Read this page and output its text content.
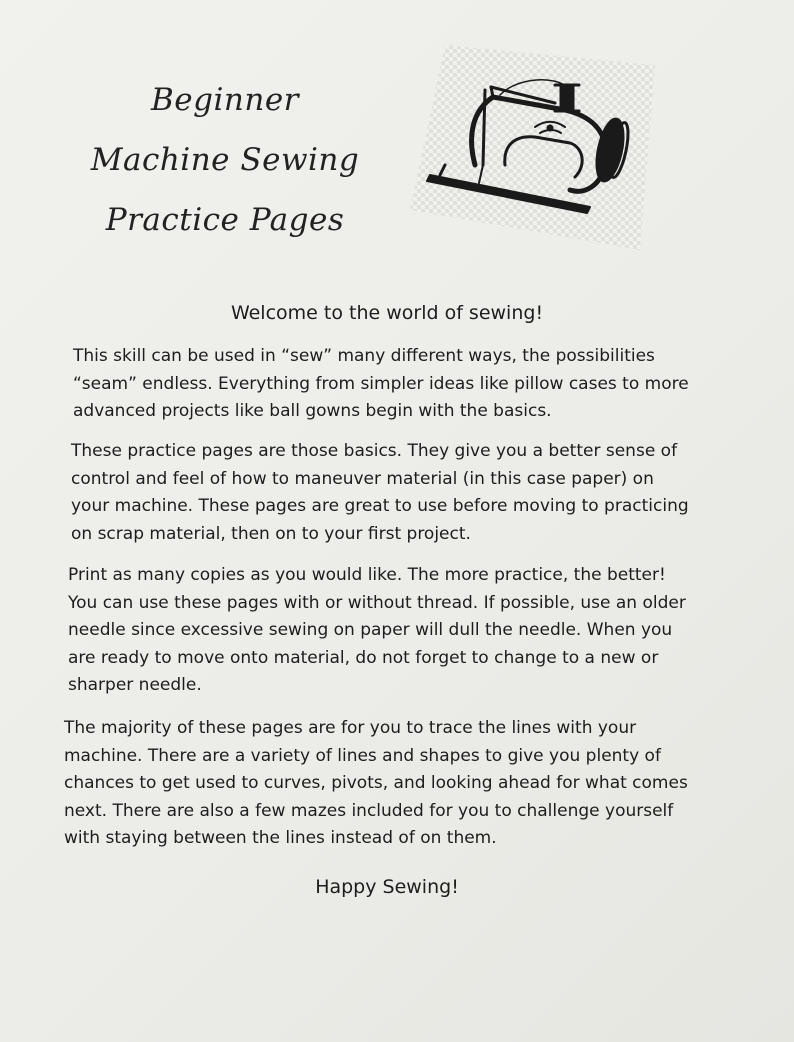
Beginner
Machine Sewing
Practice Pages

Welcome to the world of sewing!

This skill can be used in “sew” many different ways, the possibilities
“seam” endless. Everything from simpler ideas like pillow cases to more
advanced projects like ball gowns begin with the basics.

These practice pages are those basics. They give you a better sense of
control and feel of how to maneuver material (in this case paper) on
your machine. These pages are great to use before moving to practicing
on scrap material, then on to your first project.

Print as many copies as you would like. The more practice, the better!
You can use these pages with or without thread. If possible, use an older
needle since excessive sewing on paper will dull the needle. When you
are ready to move onto material, do not forget to change to a new or
sharper needle.

The majority of these pages are for you to trace the lines with your
machine. There are a variety of lines and shapes to give you plenty of
chances to get used to curves, pivots, and looking ahead for what comes
next. There are also a few mazes included for you to challenge yourself
with staying between the lines instead of on them.

Happy Sewing!
